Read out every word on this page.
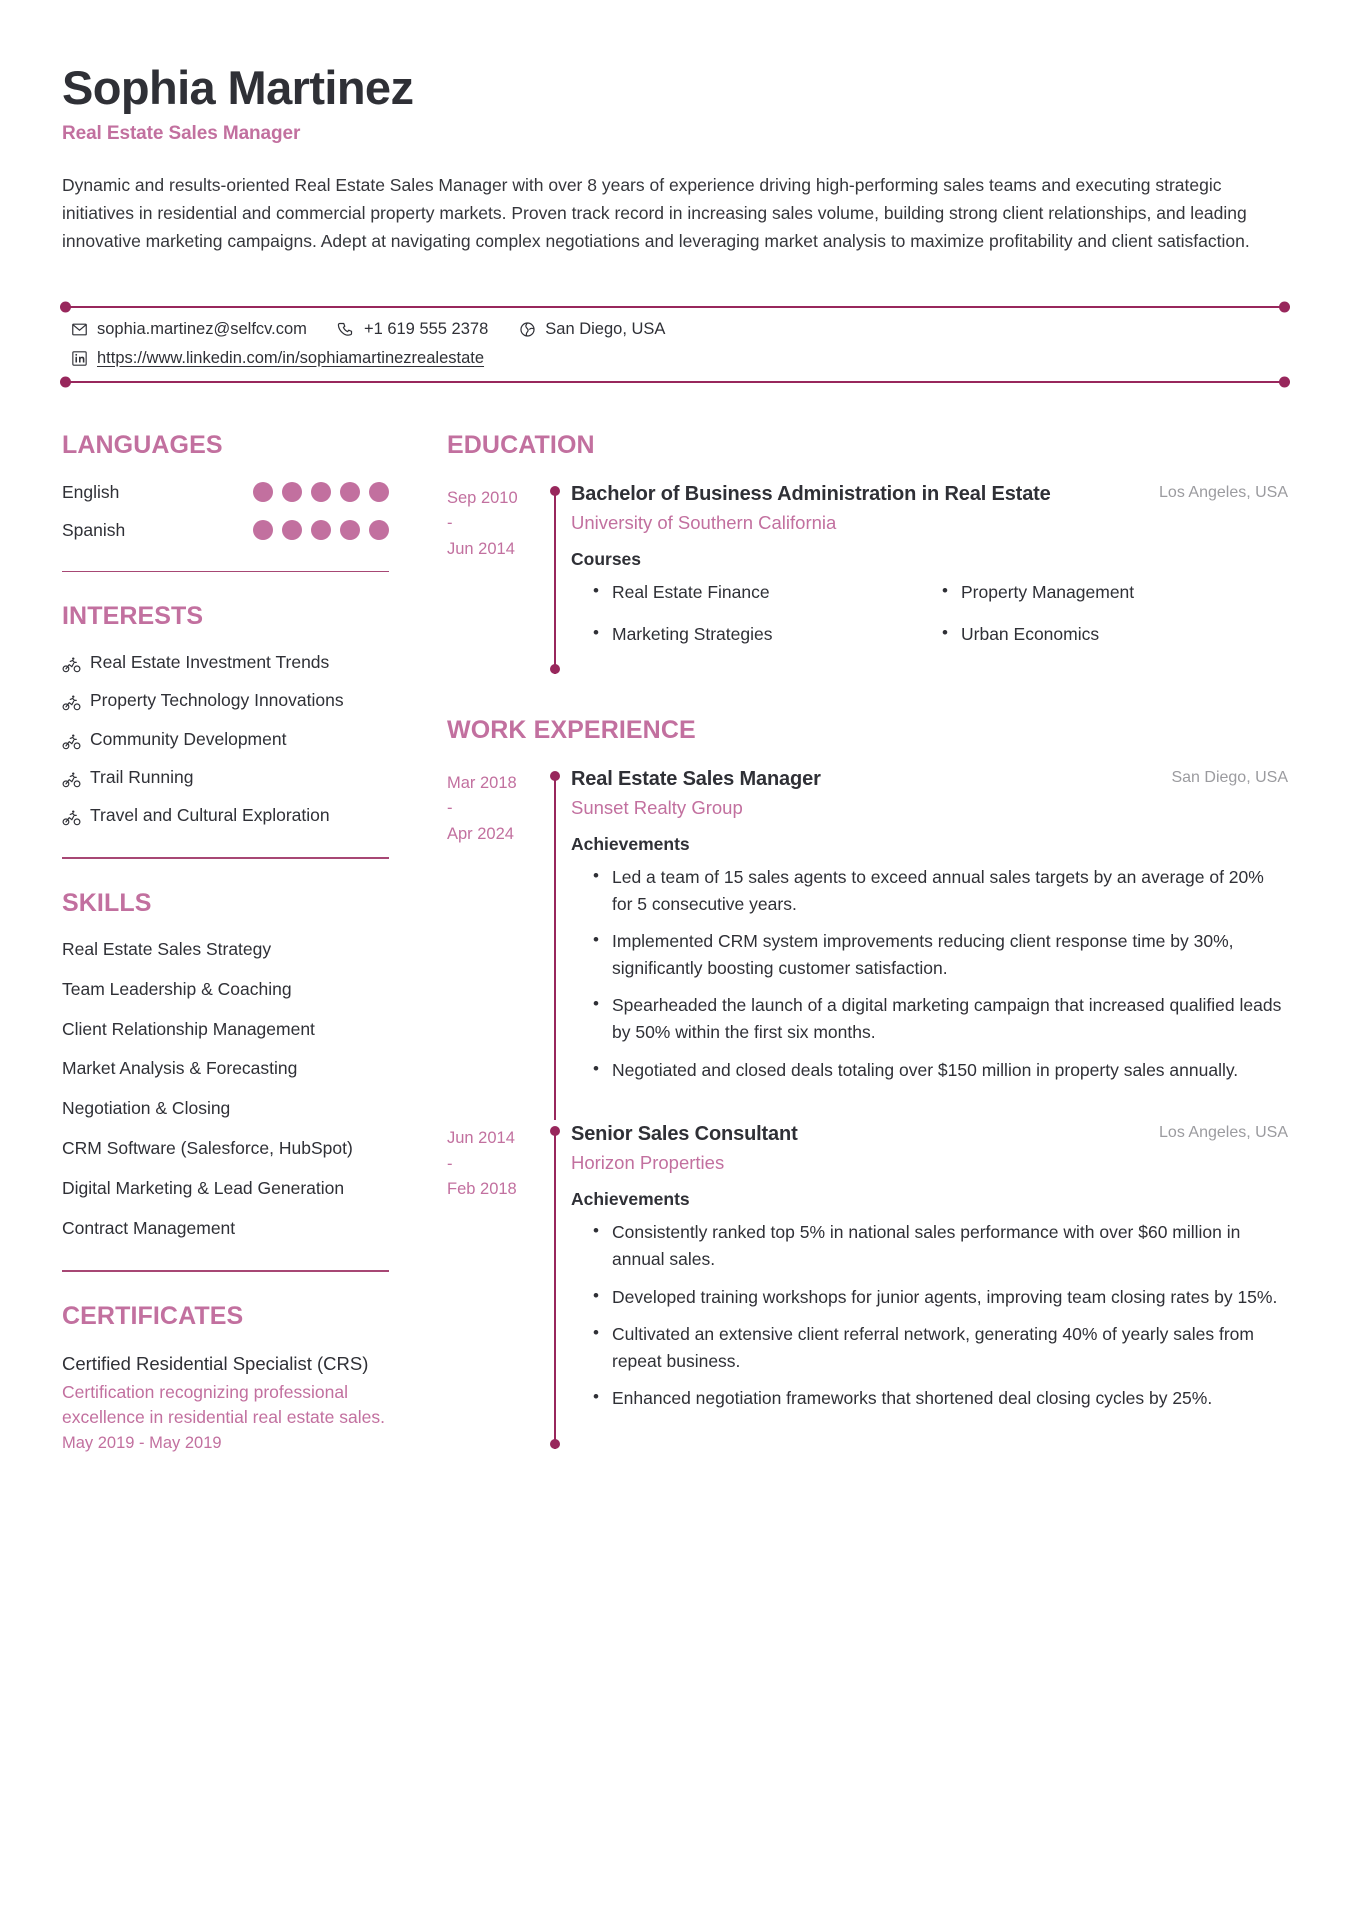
Sophia Martinez
Real Estate Sales Manager
Dynamic and results-oriented Real Estate Sales Manager with over 8 years of experience driving high-performing sales teams and executing strategic initiatives in residential and commercial property markets. Proven track record in increasing sales volume, building strong client relationships, and leading innovative marketing campaigns. Adept at navigating complex negotiations and leveraging market analysis to maximize profitability and client satisfaction.
sophia.martinez@selfcv.com	+1 619 555 2378	San Diego, USA
https://www.linkedin.com/in/sophiamartinezrealestate
LANGUAGES
English
Spanish
INTERESTS
Real Estate Investment Trends
Property Technology Innovations
Community Development
Trail Running
Travel and Cultural Exploration
SKILLS
Real Estate Sales Strategy
Team Leadership & Coaching
Client Relationship Management
Market Analysis & Forecasting
Negotiation & Closing
CRM Software (Salesforce, HubSpot)
Digital Marketing & Lead Generation
Contract Management
CERTIFICATES
Certified Residential Specialist (CRS)
Certification recognizing professional excellence in residential real estate sales.
May 2019 - May 2019
EDUCATION
Sep 2010
-
Jun 2014
Bachelor of Business Administration in Real Estate	Los Angeles, USA
University of Southern California
Courses
• Real Estate Finance	• Property Management
• Marketing Strategies	• Urban Economics
WORK EXPERIENCE
Mar 2018
-
Apr 2024
Real Estate Sales Manager	San Diego, USA
Sunset Realty Group
Achievements
• Led a team of 15 sales agents to exceed annual sales targets by an average of 20% for 5 consecutive years.
• Implemented CRM system improvements reducing client response time by 30%, significantly boosting customer satisfaction.
• Spearheaded the launch of a digital marketing campaign that increased qualified leads by 50% within the first six months.
• Negotiated and closed deals totaling over $150 million in property sales annually.
Jun 2014
-
Feb 2018
Senior Sales Consultant	Los Angeles, USA
Horizon Properties
Achievements
• Consistently ranked top 5% in national sales performance with over $60 million in annual sales.
• Developed training workshops for junior agents, improving team closing rates by 15%.
• Cultivated an extensive client referral network, generating 40% of yearly sales from repeat business.
• Enhanced negotiation frameworks that shortened deal closing cycles by 25%.
